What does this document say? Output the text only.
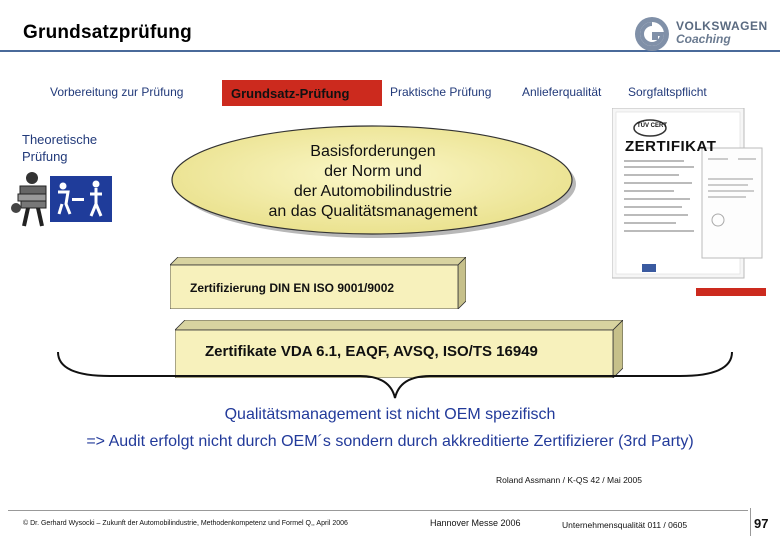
Grundsatzprüfung	VOLKSWAGEN
Coaching
Vorbereitung zur Prüfung	Grundsatz-Prüfung	Praktische Prüfung	Anlieferqualität Sorgfaltspflicht
Theoretische
Prüfung	Basisforderungen
der Norm und
der Automobilindustrie
an das Qualitätsmanagement
Zertifizierung DIN EN ISO 9001/9002
Zertifikate VDA 6.1, EAQF, AVSQ, ISO/TS 16949
Qualitätsmanagement ist nicht OEM spezifisch
=> Audit erfolgt nicht durch OEM´s sondern durch akkreditierte Zertifizierer (3rd Party)
ZERTIFIKAT
TÜV CERT
Roland Assmann / K-QS 42 / Mai 2005
© Dr. Gerhard Wysocki – Zukunft der Automobilindustrie, Methodenkompetenz und Formel Q,, April 2006	Hannover Messe 2006	Unternehmensqualität 011 / 0605	97
